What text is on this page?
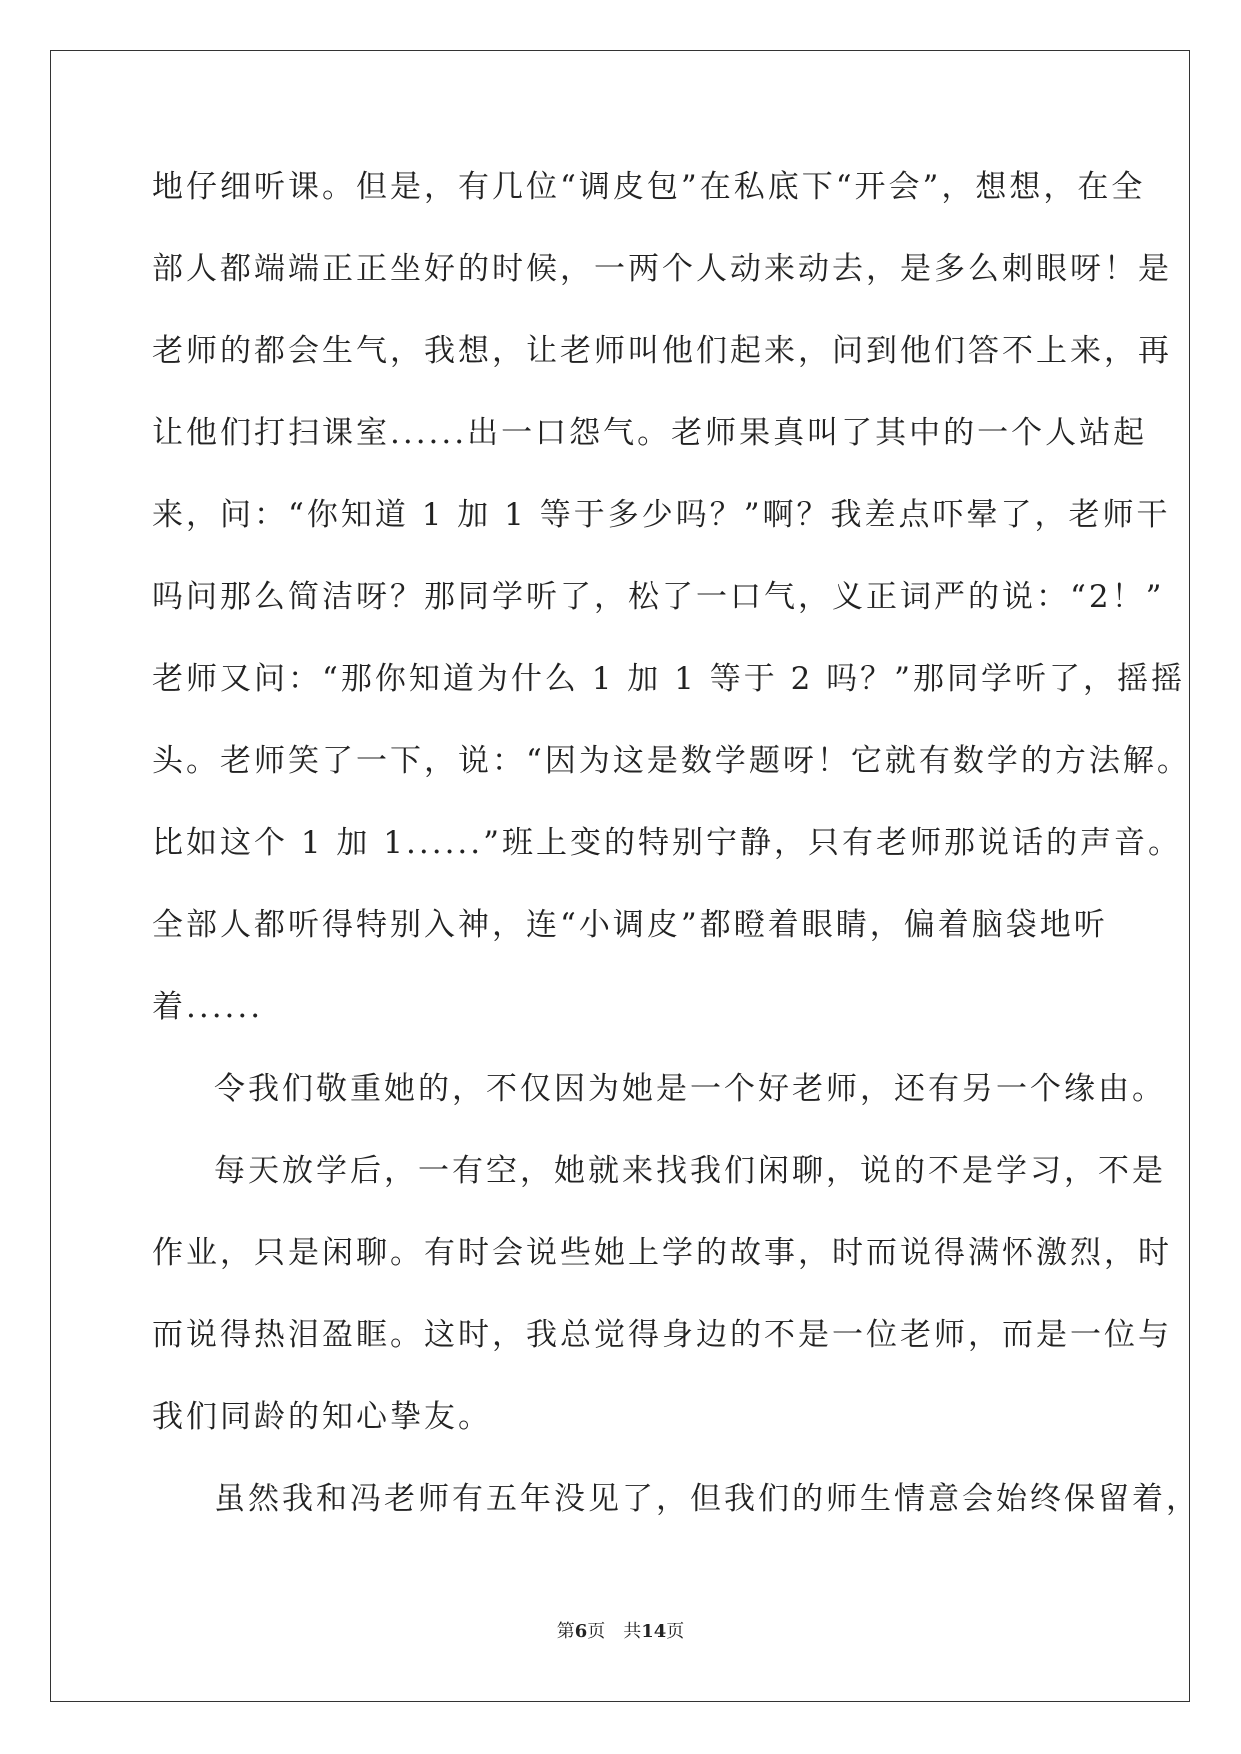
地仔细听课。但是，有几位“调皮包”在私底下“开会”，想想，在全
部人都端端正正坐好的时候，一两个人动来动去，是多么刺眼呀！是
老师的都会生气，我想，让老师叫他们起来，问到他们答不上来，再
让他们打扫课室......出一口怨气。老师果真叫了其中的一个人站起
来，问：“你知道 1 加 1 等于多少吗？”啊？我差点吓晕了，老师干
吗问那么简洁呀？那同学听了，松了一口气，义正词严的说：“2！”
老师又问：“那你知道为什么 1 加 1 等于 2 吗？”那同学听了，摇摇
头。老师笑了一下，说：“因为这是数学题呀！它就有数学的方法解。
比如这个 1 加 1......”班上变的特别宁静，只有老师那说话的声音。
全部人都听得特别入神，连“小调皮”都瞪着眼睛，偏着脑袋地听
着......
令我们敬重她的，不仅因为她是一个好老师，还有另一个缘由。
每天放学后，一有空，她就来找我们闲聊，说的不是学习，不是
作业，只是闲聊。有时会说些她上学的故事，时而说得满怀激烈，时
而说得热泪盈眶。这时，我总觉得身边的不是一位老师，而是一位与
我们同龄的知心挚友。
虽然我和冯老师有五年没见了，但我们的师生情意会始终保留着，
第6页　共14页
